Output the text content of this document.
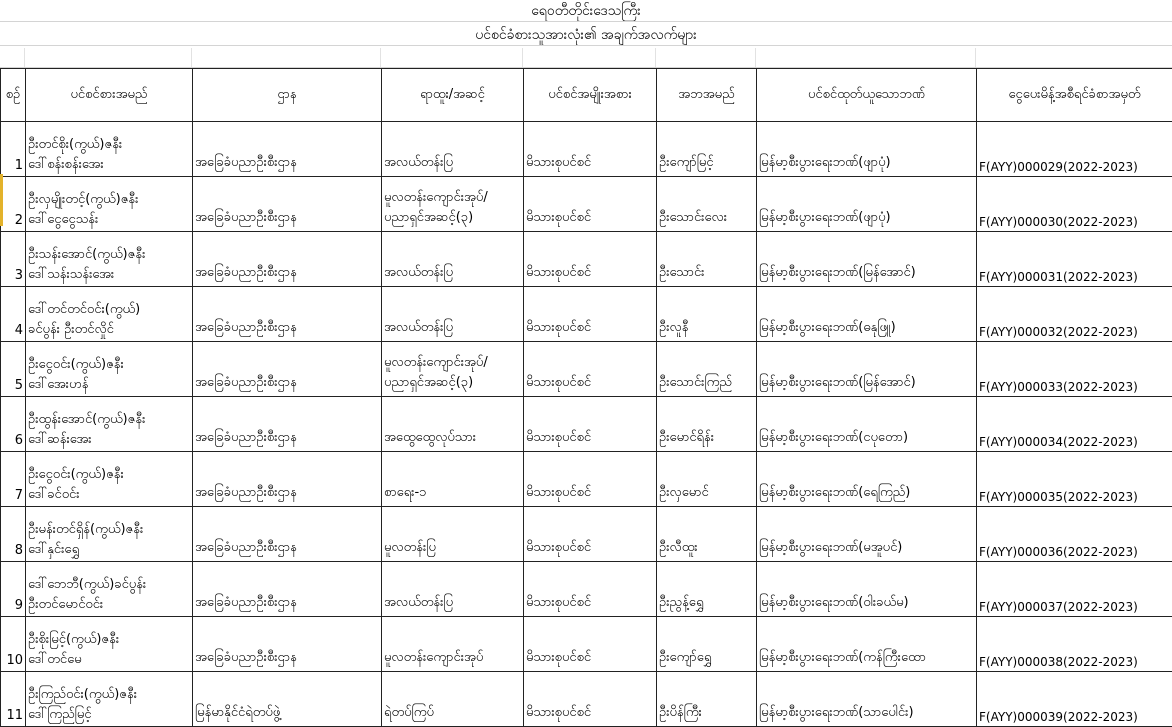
ရေဝတီတိုင်းဒေသကြီး
ပင်စင်ခံစားသူအားလုံး၏ အချက်အလက်များ
စဉ်	ပင်စင်စားအမည်	ဌာန	ရာထူး/အဆင့်	ပင်စင်အမျိုးအစား	အဘအမည်	ပင်စင်ထုတ်ယူသောဘဏ်	ငွေပေးမိန့်အစီရင်ခံစာအမှတ်
1	ဦးတင်စိုး(ကွယ်)ဇနီး
ဒေါ်စန်းစန်းအေး	အခြေခံပညာဦးစီးဌာန	အလယ်တန်းပြ	မိသားစုပင်စင်	ဦးကျော်မြင့်	မြန်မာ့စီးပွားရေးဘဏ်(ဖျာပုံ)	F(AYY)000029(2022-2023)
2	ဦးလှမျိုးတင့်(ကွယ်)ဇနီး
ဒေါ်ငွေငွေသန်း	အခြေခံပညာဦးစီးဌာန	မူလတန်းကျောင်းအုပ်/
ပညာရှင်အဆင့်(၃)	မိသားစုပင်စင်	ဦးသောင်းလေး	မြန်မာ့စီးပွားရေးဘဏ်(ဖျာပုံ)	F(AYY)000030(2022-2023)
3	ဦးသန်းအောင်(ကွယ်)ဇနီး
ဒေါ်သန်းသန်းအေး	အခြေခံပညာဦးစီးဌာန	အလယ်တန်းပြ	မိသားစုပင်စင်	ဦးသောင်း	မြန်မာ့စီးပွားရေးဘဏ်(မြန်အောင်)	F(AYY)000031(2022-2023)
4	ဒေါ်တင်တင်ဝင်း(ကွယ်)
ခင်ပွန်း ဦးတင်လှိုင်	အခြေခံပညာဦးစီးဌာန	အလယ်တန်းပြ	မိသားစုပင်စင်	ဦးလူနီ	မြန်မာ့စီးပွားရေးဘဏ်(ဓနုဖြူ)	F(AYY)000032(2022-2023)
5	ဦးငွေဝင်း(ကွယ်)ဇနီး
ဒေါ်အေးဟန်	အခြေခံပညာဦးစီးဌာန	မူလတန်းကျောင်းအုပ်/
ပညာရှင်အဆင့်(၃)	မိသားစုပင်စင်	ဦးသောင်းကြည်	မြန်မာ့စီးပွားရေးဘဏ်(မြန်အောင်)	F(AYY)000033(2022-2023)
6	ဦးထွန်းအောင်(ကွယ်)ဇနီး
ဒေါ်ဆန်းအေး	အခြေခံပညာဦးစီးဌာန	အထွေထွေလုပ်သား	မိသားစုပင်စင်	ဦးမောင်ရိန်း	မြန်မာ့စီးပွားရေးဘဏ်(ငပုတော)	F(AYY)000034(2022-2023)
7	ဦးငွေဝင်း(ကွယ်)ဇနီး
ဒေါ်ခင်ဝင်း	အခြေခံပညာဦးစီးဌာန	စာရေး-၁	မိသားစုပင်စင်	ဦးလှမောင်	မြန်မာ့စီးပွားရေးဘဏ်(ရေကြည်)	F(AYY)000035(2022-2023)
8	ဦးမန်းတင်ရှိန်(ကွယ်)ဇနီး
ဒေါ်နှင်းရွှေ	အခြေခံပညာဦးစီးဌာန	မူလတန်းပြ	မိသားစုပင်စင်	ဦးလီထူး	မြန်မာ့စီးပွားရေးဘဏ်(မအူပင်)	F(AYY)000036(2022-2023)
9	ဒေါ်ဘေဘီ(ကွယ်)ခင်ပွန်း
ဦးတင်မောင်ဝင်း	အခြေခံပညာဦးစီးဌာန	အလယ်တန်းပြ	မိသားစုပင်စင်	ဦးညွန့်ရွှေ	မြန်မာ့စီးပွားရေးဘဏ်(ဝါးခယ်မ)	F(AYY)000037(2022-2023)
10	ဦးစိုးမြင့်(ကွယ်)ဇနီး
ဒေါ်တင်မေ	အခြေခံပညာဦးစီးဌာန	မူလတန်းကျောင်းအုပ်	မိသားစုပင်စင်	ဦးကျော်ရွှေ	မြန်မာ့စီးပွားရေးဘဏ်(ကန်ကြီးထော	F(AYY)000038(2022-2023)
11	ဦးကြည်ဝင်း(ကွယ်)ဇနီး
ဒေါ်ကြည်မြင့်	မြန်မာနိုင်ငံရဲတပ်ဖွဲ့	ရဲတပ်ကြပ်	မိသားစုပင်စင်	ဦးပိန်ကြီး	မြန်မာ့စီးပွားရေးဘဏ်(သာပေါင်း)	F(AYY)000039(2022-2023)
